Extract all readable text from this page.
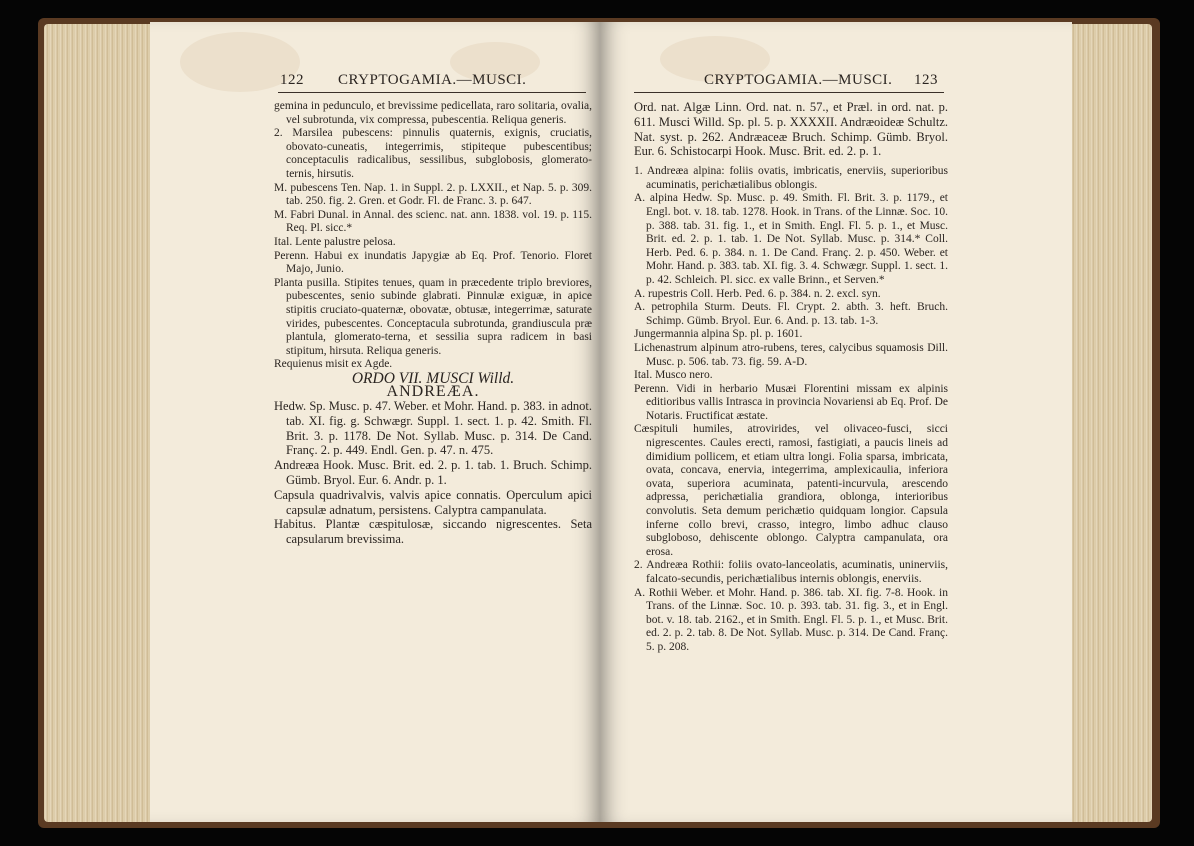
122 CRYPTOGAMIA.—MUSCI.

gemina in pedunculo, et brevissime pedicellata, raro solitaria, ovalia, vel subrotunda, vix compressa, pubescentia. Reliqua generis.

2. Marsilea pubescens: pinnulis quaternis, exignis, cruciatis, obovato-cuneatis, integerrimis, stipiteque pubescentibus; conceptaculis radicalibus, sessilibus, subglobosis, glomerato-ternis, hirsutis.

M. pubescens Ten. Nap. 1. in Suppl. 2. p. LXXII., et Nap. 5. p. 309. tab. 250. fig. 2. Gren. et Godr. Fl. de Franc. 3. p. 647.

M. Fabri Dunal. in Annal. des scienc. nat. ann. 1838. vol. 19. p. 115. Req. Pl. sicc.*

Ital. Lente palustre pelosa.

Perenn. Habui ex inundatis Japygiæ ab Eq. Prof. Tenorio. Floret Majo, Junio.

Planta pusilla. Stipites tenues, quam in præcedente triplo breviores, pubescentes, senio subinde glabrati. Pinnulæ exiguæ, in apice stipitis cruciato-quaternæ, obovatæ, obtusæ, integerrimæ, saturate virides, pubescentes. Conceptacula subrotunda, grandiuscula præ plantula, glomerato-terna, et sessilia supra radicem in basi stipitum, hirsuta. Reliqua generis.

Requienus misit ex Agde.

ORDO VII. MUSCI Willd.

ANDREÆA.

Hedw. Sp. Musc. p. 47. Weber. et Mohr. Hand. p. 383. in adnot. tab. XI. fig. g. Schwægr. Suppl. 1. sect. 1. p. 42. Smith. Fl. Brit. 3. p. 1178. De Not. Syllab. Musc. p. 314. De Cand. Franç. 2. p. 449. Endl. Gen. p. 47. n. 475.

Andreæa Hook. Musc. Brit. ed. 2. p. 1. tab. 1. Bruch. Schimp. Gümb. Bryol. Eur. 6. Andr. p. 1.

Capsula quadrivalvis, valvis apice connatis. Operculum apici capsulæ adnatum, persistens. Calyptra campanulata.

Habitus. Plantæ cæspitulosæ, siccando nigrescentes. Seta capsularum brevissima.

CRYPTOGAMIA.—MUSCI. 123

Ord. nat. Algæ Linn. Ord. nat. n. 57., et Præl. in ord. nat. p. 611. Musci Willd. Sp. pl. 5. p. XXXXII. Andræoideæ Schultz. Nat. syst. p. 262. Andræaceæ Bruch. Schimp. Gümb. Bryol. Eur. 6. Schistocarpi Hook. Musc. Brit. ed. 2. p. 1.

1. Andreæa alpina: foliis ovatis, imbricatis, enerviis, superioribus acuminatis, perichætialibus oblongis.

A. alpina Hedw. Sp. Musc. p. 49. Smith. Fl. Brit. 3. p. 1179., et Engl. bot. v. 18. tab. 1278. Hook. in Trans. of the Linnæ. Soc. 10. p. 388. tab. 31. fig. 1., et in Smith. Engl. Fl. 5. p. 1., et Musc. Brit. ed. 2. p. 1. tab. 1. De Not. Syllab. Musc. p. 314.* Coll. Herb. Ped. 6. p. 384. n. 1. De Cand. Franç. 2. p. 450. Weber. et Mohr. Hand. p. 383. tab. XI. fig. 3. 4. Schwægr. Suppl. 1. sect. 1. p. 42. Schleich. Pl. sicc. ex valle Brinn., et Serven.*

A. rupestris Coll. Herb. Ped. 6. p. 384. n. 2. excl. syn.

A. petrophila Sturm. Deuts. Fl. Crypt. 2. abth. 3. heft. Bruch. Schimp. Gümb. Bryol. Eur. 6. And. p. 13. tab. 1-3.

Jungermannia alpina Sp. pl. p. 1601.

Lichenastrum alpinum atro-rubens, teres, calycibus squamosis Dill. Musc. p. 506. tab. 73. fig. 59. A-D.

Ital. Musco nero.

Perenn. Vidi in herbario Musæi Florentini missam ex alpinis editioribus vallis Intrasca in provincia Novariensi ab Eq. Prof. De Notaris. Fructificat æstate.

Cæspituli humiles, atrovirides, vel olivaceo-fusci, sicci nigrescentes. Caules erecti, ramosi, fastigiati, a paucis lineis ad dimidium pollicem, et etiam ultra longi. Folia sparsa, imbricata, ovata, concava, enervia, integerrima, amplexicaulia, inferiora ovata, superiora acuminata, patenti-incurvula, arescendo adpressa, perichætialia grandiora, oblonga, interioribus convolutis. Seta demum perichætio quidquam longior. Capsula inferne collo brevi, crasso, integro, limbo adhuc clauso subgloboso, dehiscente oblongo. Calyptra campanulata, ora erosa.

2. Andreæa Rothii: foliis ovato-lanceolatis, acuminatis, uninerviis, falcato-secundis, perichætialibus internis oblongis, enerviis.

A. Rothii Weber. et Mohr. Hand. p. 386. tab. XI. fig. 7-8. Hook. in Trans. of the Linnæ. Soc. 10. p. 393. tab. 31. fig. 3., et in Engl. bot. v. 18. tab. 2162., et in Smith. Engl. Fl. 5. p. 1., et Musc. Brit. ed. 2. p. 2. tab. 8. De Not. Syllab. Musc. p. 314. De Cand. Franç. 5. p. 208.
